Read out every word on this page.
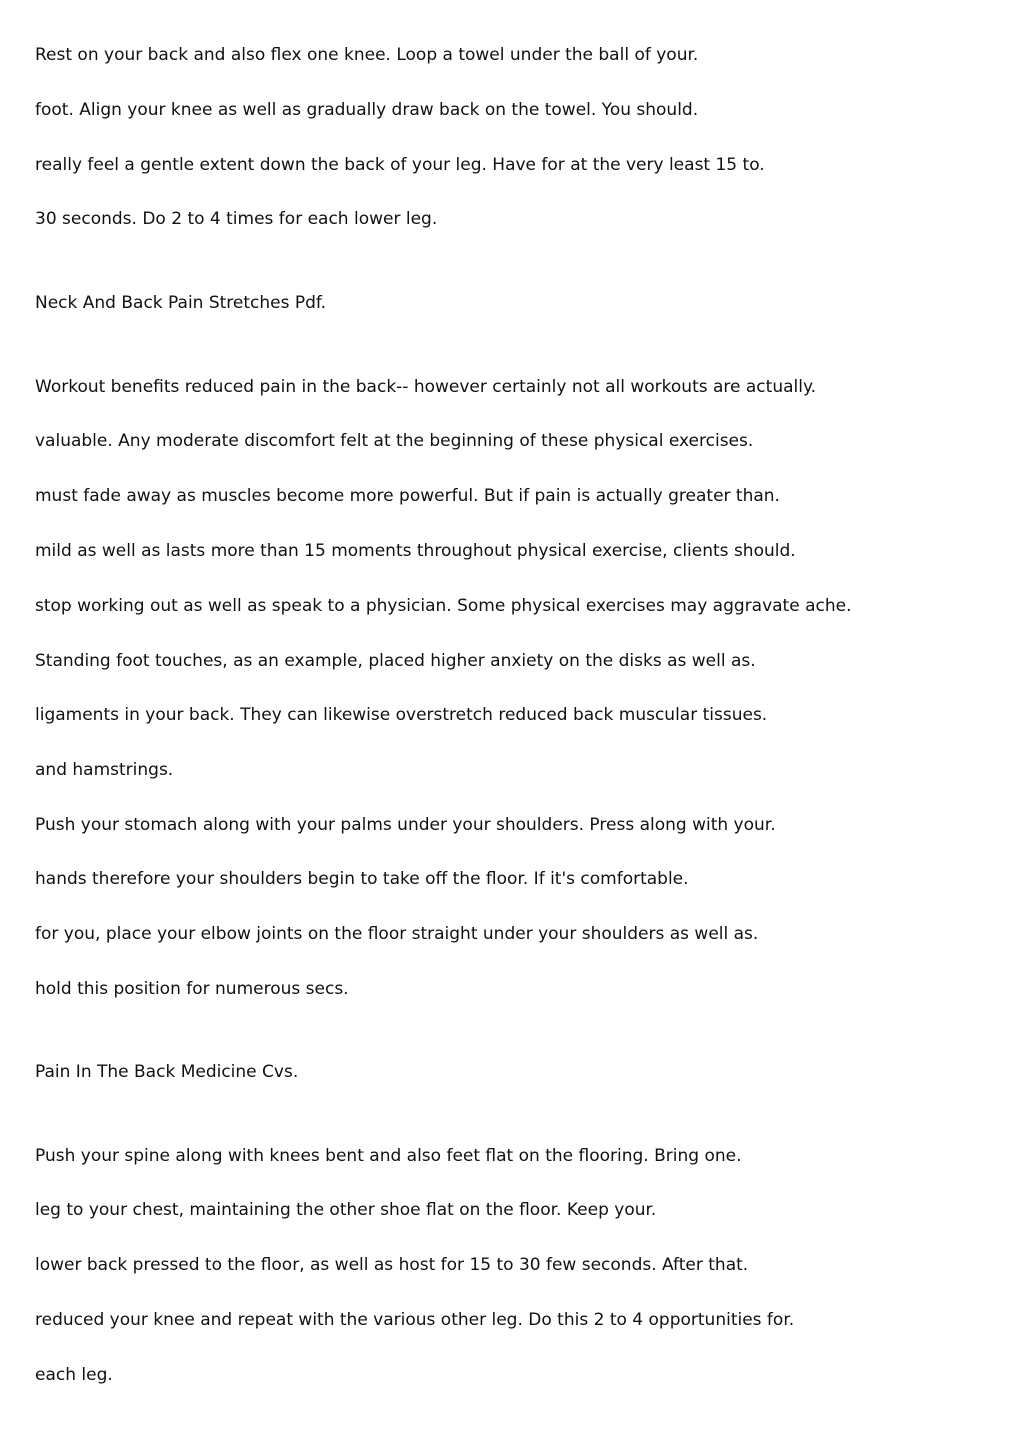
Rest on your back and also flex one knee. Loop a towel under the ball of your.
foot. Align your knee as well as gradually draw back on the towel. You should.
really feel a gentle extent down the back of your leg. Have for at the very least 15 to.
30 seconds. Do 2 to 4 times for each lower leg.
Neck And Back Pain Stretches Pdf.
Workout benefits reduced pain in the back-- however certainly not all workouts are actually.
valuable. Any moderate discomfort felt at the beginning of these physical exercises.
must fade away as muscles become more powerful. But if pain is actually greater than.
mild as well as lasts more than 15 moments throughout physical exercise, clients should.
stop working out as well as speak to a physician. Some physical exercises may aggravate ache.
Standing foot touches, as an example, placed higher anxiety on the disks as well as.
ligaments in your back. They can likewise overstretch reduced back muscular tissues.
and hamstrings.
Push your stomach along with your palms under your shoulders. Press along with your.
hands therefore your shoulders begin to take off the floor. If it's comfortable.
for you, place your elbow joints on the floor straight under your shoulders as well as.
hold this position for numerous secs.
Pain In The Back Medicine Cvs.
Push your spine along with knees bent and also feet flat on the flooring. Bring one.
leg to your chest, maintaining the other shoe flat on the floor. Keep your.
lower back pressed to the floor, as well as host for 15 to 30 few seconds. After that.
reduced your knee and repeat with the various other leg. Do this 2 to 4 opportunities for.
each leg.
